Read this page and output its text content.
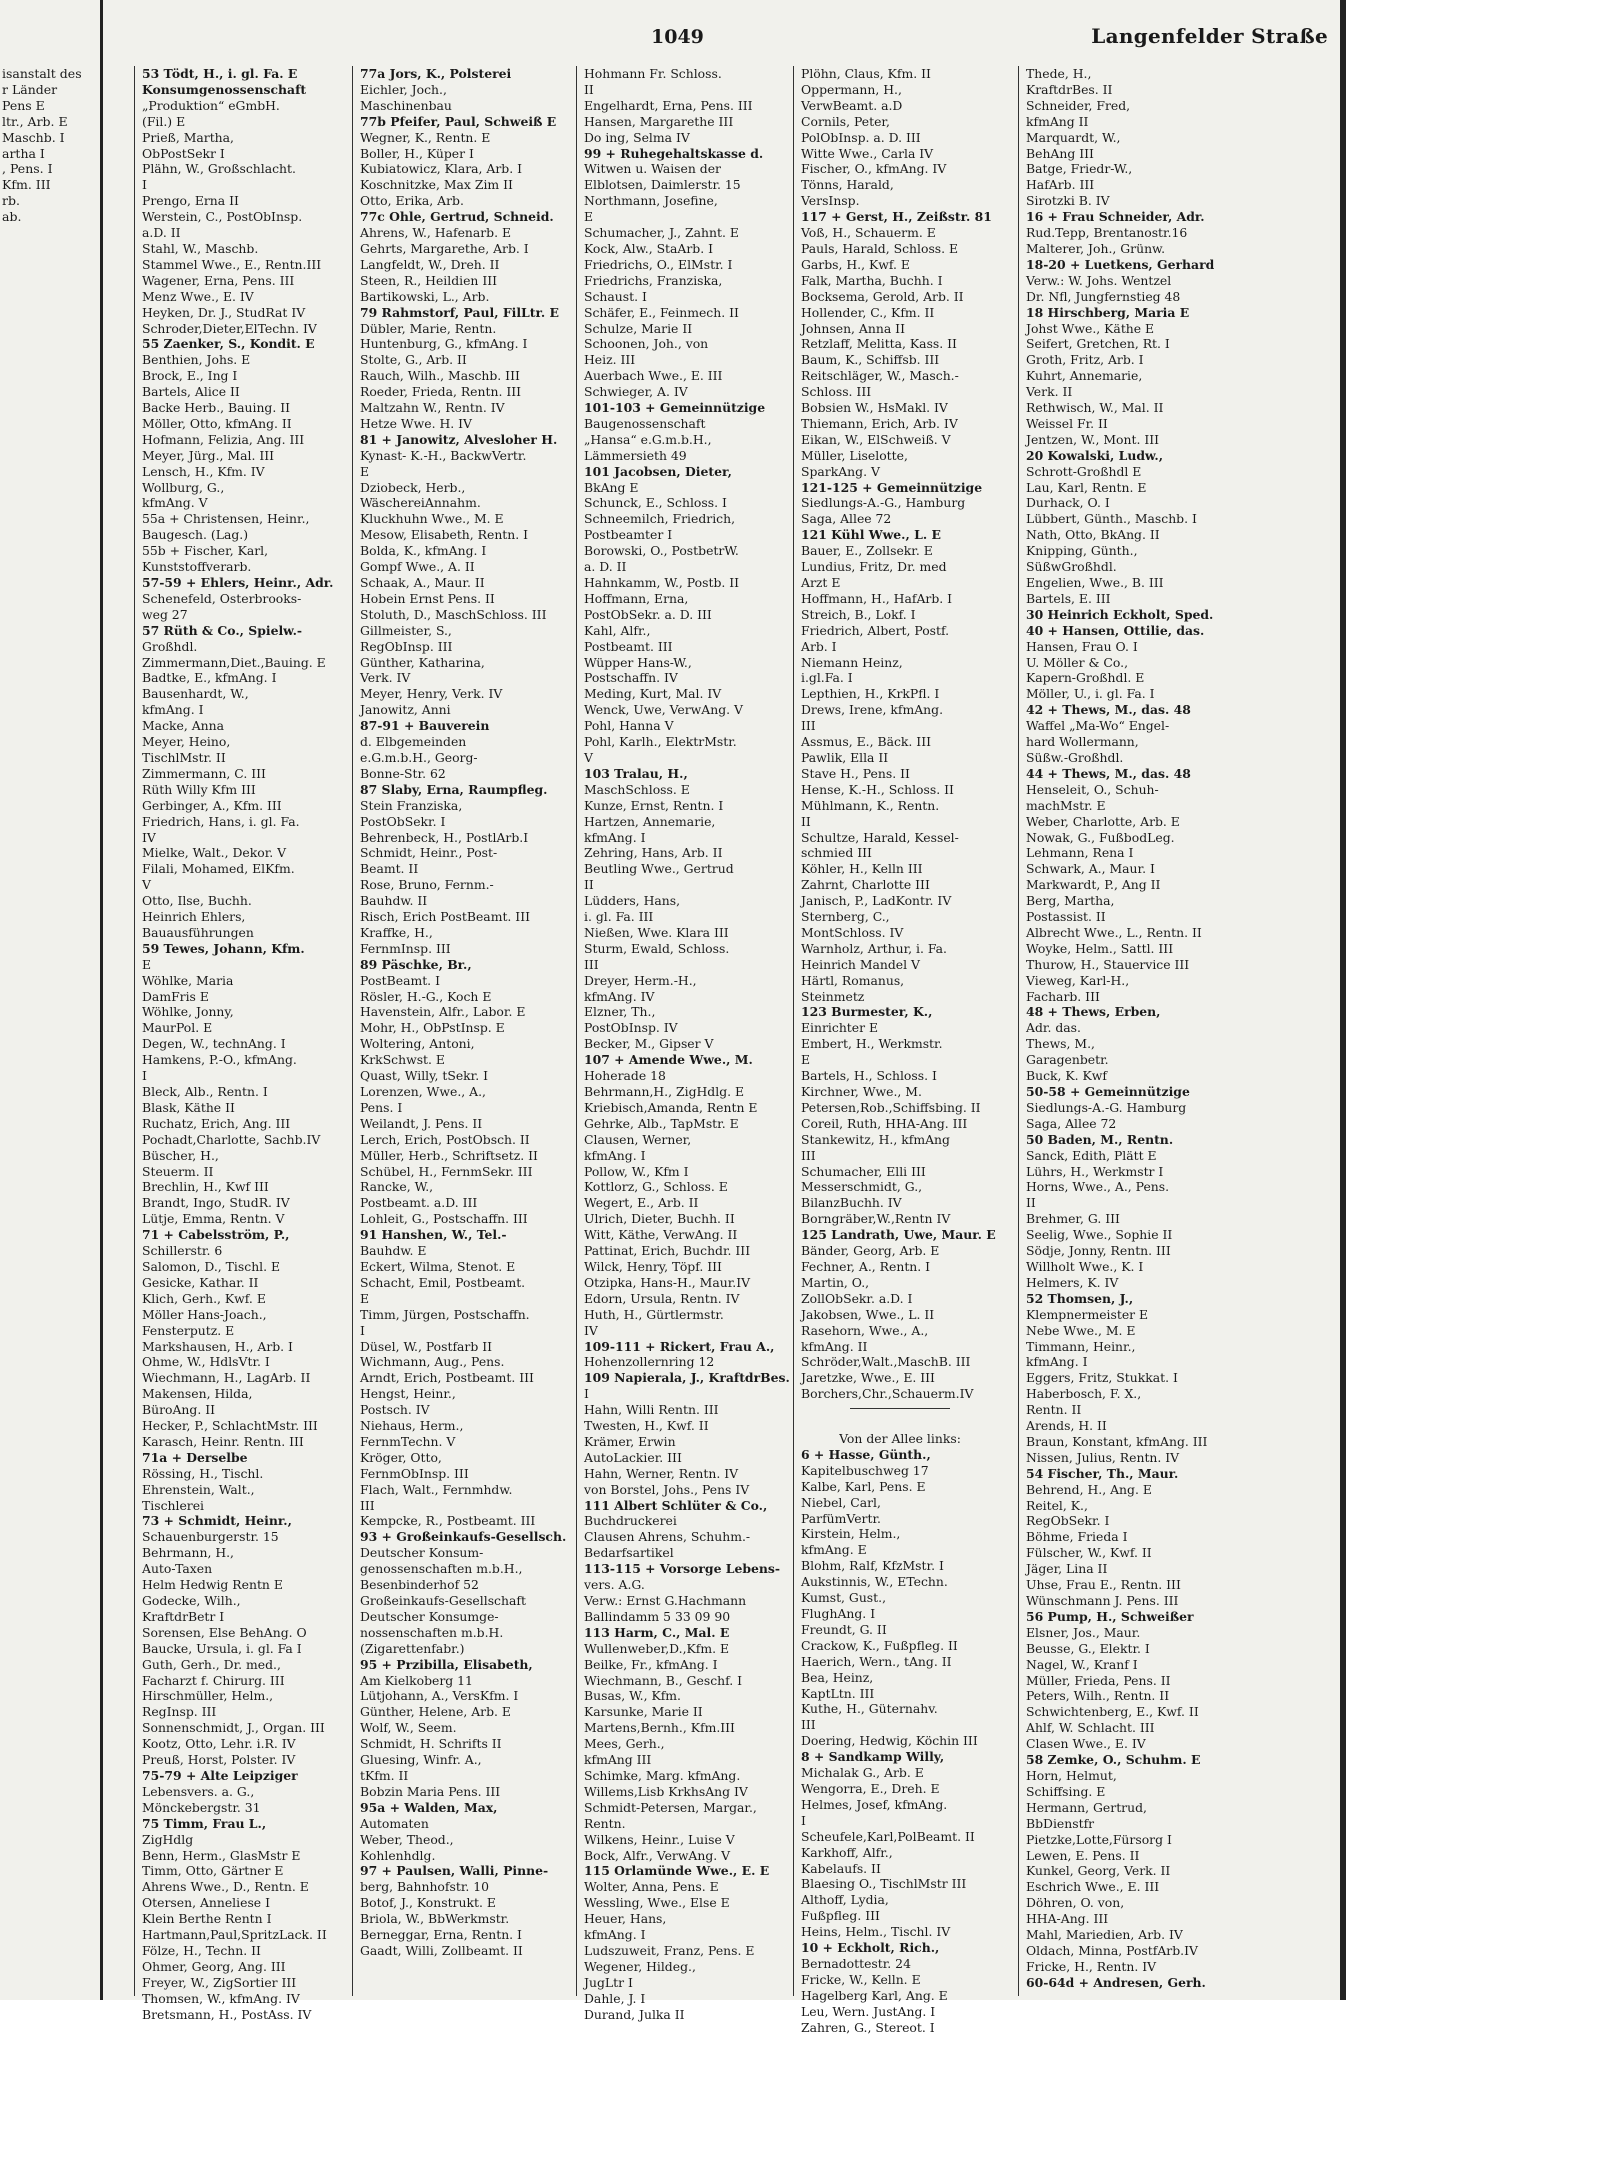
isanstalt des
r Länder
Pens E
ltr., Arb. E
Maschb. I
artha I
, Pens. I
Kfm. III
rb.
ab.
1049	Langenfelder Straße
53 Tödt, H., i. gl. Fa. E
Konsumgenossenschaft
„Produktion“ eGmbH.
(Fil.) E
Prieß, Martha,
ObPostSekr I
Plähn, W., Großschlacht.
I
Prengo, Erna II
Werstein, C., PostObInsp.
a.D. II
Stahl, W., Maschb.
Stammel Wwe., E., Rentn.III
Wagener, Erna, Pens. III
Menz Wwe., E. IV
Heyken, Dr. J., StudRat IV
Schroder,Dieter,ElTechn. IV
55 Zaenker, S., Kondit. E
Benthien, Johs. E
Brock, E., Ing I
Bartels, Alice II
Backe Herb., Bauing. II
Möller, Otto, kfmAng. II
Hofmann, Felizia, Ang. III
Meyer, Jürg., Mal. III
Lensch, H., Kfm. IV
Wollburg, G.,
kfmAng. V
55a + Christensen, Heinr.,
Baugesch. (Lag.)
55b + Fischer, Karl,
Kunststoffverarb.
57-59 + Ehlers, Heinr., Adr.
Schenefeld, Osterbrooks-
weg 27
57 Rüth & Co., Spielw.-
Großhdl.
Zimmermann,Diet.,Bauing. E
Badtke, E., kfmAng. I
Bausenhardt, W.,
kfmAng. I
Macke, Anna
Meyer, Heino,
TischlMstr. II
Zimmermann, C. III
Rüth Willy Kfm III
Gerbinger, A., Kfm. III
Friedrich, Hans, i. gl. Fa.
IV
Mielke, Walt., Dekor. V
Filali, Mohamed, ElKfm.
V
Otto, Ilse, Buchh.
Heinrich Ehlers,
Bauausführungen
59 Tewes, Johann, Kfm.
E
Wöhlke, Maria
DamFris E
Wöhlke, Jonny,
MaurPol. E
Degen, W., technAng. I
Hamkens, P.-O., kfmAng.
I
Bleck, Alb., Rentn. I
Blask, Käthe II
Ruchatz, Erich, Ang. III
Pochadt,Charlotte, Sachb.IV
Büscher, H.,
Steuerm. II
Brechlin, H., Kwf III
Brandt, Ingo, StudR. IV
Lütje, Emma, Rentn. V
71 + Cabelsström, P.,
Schillerstr. 6
Salomon, D., Tischl. E
Gesicke, Kathar. II
Klich, Gerh., Kwf. E
Möller Hans-Joach.,
Fensterputz. E
Markshausen, H., Arb. I
Ohme, W., HdlsVtr. I
Wiechmann, H., LagArb. II
Makensen, Hilda,
BüroAng. II
Hecker, P., SchlachtMstr. III
Karasch, Heinr. Rentn. III
71a + Derselbe
Rössing, H., Tischl.
Ehrenstein, Walt.,
Tischlerei
73 + Schmidt, Heinr.,
Schauenburgerstr. 15
Behrmann, H.,
Auto-Taxen
Helm Hedwig Rentn E
Godecke, Wilh.,
KraftdrBetr I
Sorensen, Else BehAng. O
Baucke, Ursula, i. gl. Fa I
Guth, Gerh., Dr. med.,
Facharzt f. Chirurg. III
Hirschmüller, Helm.,
RegInsp. III
Sonnenschmidt, J., Organ. III
Kootz, Otto, Lehr. i.R. IV
Preuß, Horst, Polster. IV
75-79 + Alte Leipziger
Lebensvers. a. G.,
Mönckebergstr. 31
75 Timm, Frau L.,
ZigHdlg
Benn, Herm., GlasMstr E
Timm, Otto, Gärtner E
Ahrens Wwe., D., Rentn. E
Otersen, Anneliese I
Klein Berthe Rentn I
Hartmann,Paul,SpritzLack. II
Fölze, H., Techn. II
Ohmer, Georg, Ang. III
Freyer, W., ZigSortier III
Thomsen, W., kfmAng. IV
Bretsmann, H., PostAss. IV
77a Jors, K., Polsterei
Eichler, Joch.,
Maschinenbau
77b Pfeifer, Paul, Schweiß E
Wegner, K., Rentn. E
Boller, H., Küper I
Kubiatowicz, Klara, Arb. I
Koschnitzke, Max Zim II
Otto, Erika, Arb.
77c Ohle, Gertrud, Schneid.
Ahrens, W., Hafenarb. E
Gehrts, Margarethe, Arb. I
Langfeldt, W., Dreh. II
Steen, R., Heildien III
Bartikowski, L., Arb.
79 Rahmstorf, Paul, FilLtr. E
Dübler, Marie, Rentn.
Huntenburg, G., kfmAng. I
Stolte, G., Arb. II
Rauch, Wilh., Maschb. III
Roeder, Frieda, Rentn. III
Maltzahn W., Rentn. IV
Hetze Wwe. H. IV
81 + Janowitz, Alvesloher H.
Kynast- K.-H., BackwVertr.
E
Dziobeck, Herb.,
WäschereiAnnahm.
Kluckhuhn Wwe., M. E
Mesow, Elisabeth, Rentn. I
Bolda, K., kfmAng. I
Gompf Wwe., A. II
Schaak, A., Maur. II
Hobein Ernst Pens. II
Stoluth, D., MaschSchloss. III
Gillmeister, S.,
RegObInsp. III
Günther, Katharina,
Verk. IV
Meyer, Henry, Verk. IV
Janowitz, Anni
87-91 + Bauverein
d. Elbgemeinden
e.G.m.b.H., Georg-
Bonne-Str. 62
87 Slaby, Erna, Raumpfleg.
Stein Franziska,
PostObSekr. I
Behrenbeck, H., PostlArb.I
Schmidt, Heinr., Post-
Beamt. II
Rose, Bruno, Fernm.-
Bauhdw. II
Risch, Erich PostBeamt. III
Kraffke, H.,
FernmInsp. III
89 Päschke, Br.,
PostBeamt. I
Rösler, H.-G., Koch E
Havenstein, Alfr., Labor. E
Mohr, H., ObPstInsp. E
Woltering, Antoni,
KrkSchwst. E
Quast, Willy, tSekr. I
Lorenzen, Wwe., A.,
Pens. I
Weilandt, J. Pens. II
Lerch, Erich, PostObsch. II
Müller, Herb., Schriftsetz. II
Schübel, H., FernmSekr. III
Rancke, W.,
Postbeamt. a.D. III
Lohleit, G., Postschaffn. III
91 Hanshen, W., Tel.-
Bauhdw. E
Eckert, Wilma, Stenot. E
Schacht, Emil, Postbeamt.
E
Timm, Jürgen, Postschaffn.
I
Düsel, W., Postfarb II
Wichmann, Aug., Pens.
Arndt, Erich, Postbeamt. III
Hengst, Heinr.,
Postsch. IV
Niehaus, Herm.,
FernmTechn. V
Kröger, Otto,
FernmObInsp. III
Flach, Walt., Fernmhdw.
III
Kempcke, R., Postbeamt. III
93 + Großeinkaufs-Gesellsch.
Deutscher Konsum-
genossenschaften m.b.H.,
Besenbinderhof 52
Großeinkaufs-Gesellschaft
Deutscher Konsumge-
nossenschaften m.b.H.
(Zigarettenfabr.)
95 + Przibilla, Elisabeth,
Am Kielkoberg 11
Lütjohann, A., VersKfm. I
Günther, Helene, Arb. E
Wolf, W., Seem.
Schmidt, H. Schrifts II
Gluesing, Winfr. A.,
tKfm. II
Bobzin Maria Pens. III
95a + Walden, Max,
Automaten
Weber, Theod.,
Kohlenhdlg.
97 + Paulsen, Walli, Pinne-
berg, Bahnhofstr. 10
Botof, J., Konstrukt. E
Briola, W., BbWerkmstr.
Berneggar, Erna, Rentn. I
Gaadt, Willi, Zollbeamt. II
Hohmann Fr. Schloss.
II
Engelhardt, Erna, Pens. III
Hansen, Margarethe III
Do ing, Selma IV
99 + Ruhegehaltskasse d.
Witwen u. Waisen der
Elblotsen, Daimlerstr. 15
Northmann, Josefine,
E
Schumacher, J., Zahnt. E
Kock, Alw., StaArb. I
Friedrichs, O., ElMstr. I
Friedrichs, Franziska,
Schaust. I
Schäfer, E., Feinmech. II
Schulze, Marie II
Schoonen, Joh., von
Heiz. III
Auerbach Wwe., E. III
Schwieger, A. IV
101-103 + Gemeinnützige
Baugenossenschaft
„Hansa“ e.G.m.b.H.,
Lämmersieth 49
101 Jacobsen, Dieter,
BkAng E
Schunck, E., Schloss. I
Schneemilch, Friedrich,
Postbeamter I
Borowski, O., PostbetrW.
a. D. II
Hahnkamm, W., Postb. II
Hoffmann, Erna,
PostObSekr. a. D. III
Kahl, Alfr.,
Postbeamt. III
Wüpper Hans-W.,
Postschaffn. IV
Meding, Kurt, Mal. IV
Wenck, Uwe, VerwAng. V
Pohl, Hanna V
Pohl, Karlh., ElektrMstr.
V
103 Tralau, H.,
MaschSchloss. E
Kunze, Ernst, Rentn. I
Hartzen, Annemarie,
kfmAng. I
Zehring, Hans, Arb. II
Beutling Wwe., Gertrud
II
Lüdders, Hans,
i. gl. Fa. III
Nießen, Wwe. Klara III
Sturm, Ewald, Schloss.
III
Dreyer, Herm.-H.,
kfmAng. IV
Elzner, Th.,
PostObInsp. IV
Becker, M., Gipser V
107 + Amende Wwe., M.
Hoherade 18
Behrmann,H., ZigHdlg. E
Kriebisch,Amanda, Rentn E
Gehrke, Alb., TapMstr. E
Clausen, Werner,
kfmAng. I
Pollow, W., Kfm I
Kottlorz, G., Schloss. E
Wegert, E., Arb. II
Ulrich, Dieter, Buchh. II
Witt, Käthe, VerwAng. II
Pattinat, Erich, Buchdr. III
Wilck, Henry, Töpf. III
Otzipka, Hans-H., Maur.IV
Edorn, Ursula, Rentn. IV
Huth, H., Gürtlermstr.
IV
109-111 + Rickert, Frau A.,
Hohenzollernring 12
109 Napierala, J., KraftdrBes.
I
Hahn, Willi Rentn. III
Twesten, H., Kwf. II
Krämer, Erwin
AutoLackier. III
Hahn, Werner, Rentn. IV
von Borstel, Johs., Pens IV
111 Albert Schlüter & Co.,
Buchdruckerei
Clausen Ahrens, Schuhm.-
Bedarfsartikel
113-115 + Vorsorge Lebens-
vers. A.G.
Verw.: Ernst G.Hachmann
Ballindamm 5 33 09 90
113 Harm, C., Mal. E
Wullenweber,D.,Kfm. E
Beilke, Fr., kfmAng. I
Wiechmann, B., Geschf. I
Busas, W., Kfm.
Karsunke, Marie II
Martens,Bernh., Kfm.III
Mees, Gerh.,
kfmAng III
Schimke, Marg. kfmAng.
Willems,Lisb KrkhsAng IV
Schmidt-Petersen, Margar.,
Rentn.
Wilkens, Heinr., Luise V
Bock, Alfr., VerwAng. V
115 Orlamünde Wwe., E. E
Wolter, Anna, Pens. E
Wessling, Wwe., Else E
Heuer, Hans,
kfmAng. I
Ludszuweit, Franz, Pens. E
Wegener, Hildeg.,
JugLtr I
Dahle, J. I
Durand, Julka II
Plöhn, Claus, Kfm. II
Oppermann, H.,
VerwBeamt. a.D
Cornils, Peter,
PolObInsp. a. D. III
Witte Wwe., Carla IV
Fischer, O., kfmAng. IV
Tönns, Harald,
VersInsp.
117 + Gerst, H., Zeißstr. 81
Voß, H., Schauerm. E
Pauls, Harald, Schloss. E
Garbs, H., Kwf. E
Falk, Martha, Buchh. I
Bocksema, Gerold, Arb. II
Hollender, C., Kfm. II
Johnsen, Anna II
Retzlaff, Melitta, Kass. II
Baum, K., Schiffsb. III
Reitschläger, W., Masch.-
Schloss. III
Bobsien W., HsMakl. IV
Thiemann, Erich, Arb. IV
Eikan, W., ElSchweiß. V
Müller, Liselotte,
SparkAng. V
121-125 + Gemeinnützige
Siedlungs-A.-G., Hamburg
Saga, Allee 72
121 Kühl Wwe., L. E
Bauer, E., Zollsekr. E
Lundius, Fritz, Dr. med
Arzt E
Hoffmann, H., HafArb. I
Streich, B., Lokf. I
Friedrich, Albert, Postf.
Arb. I
Niemann Heinz,
i.gl.Fa. I
Lepthien, H., KrkPfl. I
Drews, Irene, kfmAng.
III
Assmus, E., Bäck. III
Pawlik, Ella II
Stave H., Pens. II
Hense, K.-H., Schloss. II
Mühlmann, K., Rentn.
II
Schultze, Harald, Kessel-
schmied III
Köhler, H., Kelln III
Zahrnt, Charlotte III
Janisch, P., LadKontr. IV
Sternberg, C.,
MontSchloss. IV
Warnholz, Arthur, i. Fa.
Heinrich Mandel V
Härtl, Romanus,
Steinmetz
123 Burmester, K.,
Einrichter E
Embert, H., Werkmstr.
E
Bartels, H., Schloss. I
Kirchner, Wwe., M.
Petersen,Rob.,Schiffsbing. II
Coreil, Ruth, HHA-Ang. III
Stankewitz, H., kfmAng
III
Schumacher, Elli III
Messerschmidt, G.,
BilanzBuchh. IV
Borngräber,W.,Rentn IV
125 Landrath, Uwe, Maur. E
Bänder, Georg, Arb. E
Fechner, A., Rentn. I
Martin, O.,
ZollObSekr. a.D. I
Jakobsen, Wwe., L. II
Rasehorn, Wwe., A.,
kfmAng. II
Schröder,Walt.,MaschB. III
Jaretzke, Wwe., E. III
Borchers,Chr.,Schauerm.IV

Von der Allee links:
6 + Hasse, Günth.,
Kapitelbuschweg 17
Kalbe, Karl, Pens. E
Niebel, Carl,
ParfümVertr.
Kirstein, Helm.,
kfmAng. E
Blohm, Ralf, KfzMstr. I
Aukstinnis, W., ETechn.
Kumst, Gust.,
FlughAng. I
Freundt, G. II
Crackow, K., Fußpfleg. II
Haerich, Wern., tAng. II
Bea, Heinz,
KaptLtn. III
Kuthe, H., Güternahv.
III
Doering, Hedwig, Köchin III
8 + Sandkamp Willy,
Michalak G., Arb. E
Wengorra, E., Dreh. E
Helmes, Josef, kfmAng.
I
Scheufele,Karl,PolBeamt. II
Karkhoff, Alfr.,
Kabelaufs. II
Blaesing O., TischlMstr III
Althoff, Lydia,
Fußpfleg. III
Heins, Helm., Tischl. IV
10 + Eckholt, Rich.,
Bernadottestr. 24
Fricke, W., Kelln. E
Hagelberg Karl, Ang. E
Leu, Wern. JustAng. I
Zahren, G., Stereot. I
Thede, H.,
KraftdrBes. II
Schneider, Fred,
kfmAng II
Marquardt, W.,
BehAng III
Batge, Friedr-W.,
HafArb. III
Sirotzki B. IV
16 + Frau Schneider, Adr.
Rud.Tepp, Brentanostr.16
Malterer, Joh., Grünw.
18-20 + Luetkens, Gerhard
Verw.: W. Johs. Wentzel
Dr. Nfl, Jungfernstieg 48
18 Hirschberg, Maria E
Johst Wwe., Käthe E
Seifert, Gretchen, Rt. I
Groth, Fritz, Arb. I
Kuhrt, Annemarie,
Verk. II
Rethwisch, W., Mal. II
Weissel Fr. II
Jentzen, W., Mont. III
20 Kowalski, Ludw.,
Schrott-Großhdl E
Lau, Karl, Rentn. E
Durhack, O. I
Lübbert, Günth., Maschb. I
Nath, Otto, BkAng. II
Knipping, Günth.,
SüßwGroßhdl.
Engelien, Wwe., B. III
Bartels, E. III
30 Heinrich Eckholt, Sped.
40 + Hansen, Ottilie, das.
Hansen, Frau O. I
U. Möller & Co.,
Kapern-Großhdl. E
Möller, U., i. gl. Fa. I
42 + Thews, M., das. 48
Waffel „Ma-Wo“ Engel-
hard Wollermann,
Süßw.-Großhdl.
44 + Thews, M., das. 48
Henseleit, O., Schuh-
machMstr. E
Weber, Charlotte, Arb. E
Nowak, G., FußbodLeg.
Lehmann, Rena I
Schwark, A., Maur. I
Markwardt, P., Ang II
Berg, Martha,
Postassist. II
Albrecht Wwe., L., Rentn. II
Woyke, Helm., Sattl. III
Thurow, H., Stauervice III
Vieweg, Karl-H.,
Facharb. III
48 + Thews, Erben,
Adr. das.
Thews, M.,
Garagenbetr.
Buck, K. Kwf
50-58 + Gemeinnützige
Siedlungs-A.-G. Hamburg
Saga, Allee 72
50 Baden, M., Rentn.
Sanck, Edith, Plätt E
Lührs, H., Werkmstr I
Horns, Wwe., A., Pens.
II
Brehmer, G. III
Seelig, Wwe., Sophie II
Södje, Jonny, Rentn. III
Willholt Wwe., K. I
Helmers, K. IV
52 Thomsen, J.,
Klempnermeister E
Nebe Wwe., M. E
Timmann, Heinr.,
kfmAng. I
Eggers, Fritz, Stukkat. I
Haberbosch, F. X.,
Rentn. II
Arends, H. II
Braun, Konstant, kfmAng. III
Nissen, Julius, Rentn. IV
54 Fischer, Th., Maur.
Behrend, H., Ang. E
Reitel, K.,
RegObSekr. I
Böhme, Frieda I
Fülscher, W., Kwf. II
Jäger, Lina II
Uhse, Frau E., Rentn. III
Wünschmann J. Pens. III
56 Pump, H., Schweißer
Elsner, Jos., Maur.
Beusse, G., Elektr. I
Nagel, W., Kranf I
Müller, Frieda, Pens. II
Peters, Wilh., Rentn. II
Schwichtenberg, E., Kwf. II
Ahlf, W. Schlacht. III
Clasen Wwe., E. IV
58 Zemke, O., Schuhm. E
Horn, Helmut,
Schiffsing. E
Hermann, Gertrud,
BbDienstfr
Pietzke,Lotte,Fürsorg I
Lewen, E. Pens. II
Kunkel, Georg, Verk. II
Eschrich Wwe., E. III
Döhren, O. von,
HHA-Ang. III
Mahl, Mariedien, Arb. IV
Oldach, Minna, PostfArb.IV
Fricke, H., Rentn. IV
60-64d + Andresen, Gerh.
